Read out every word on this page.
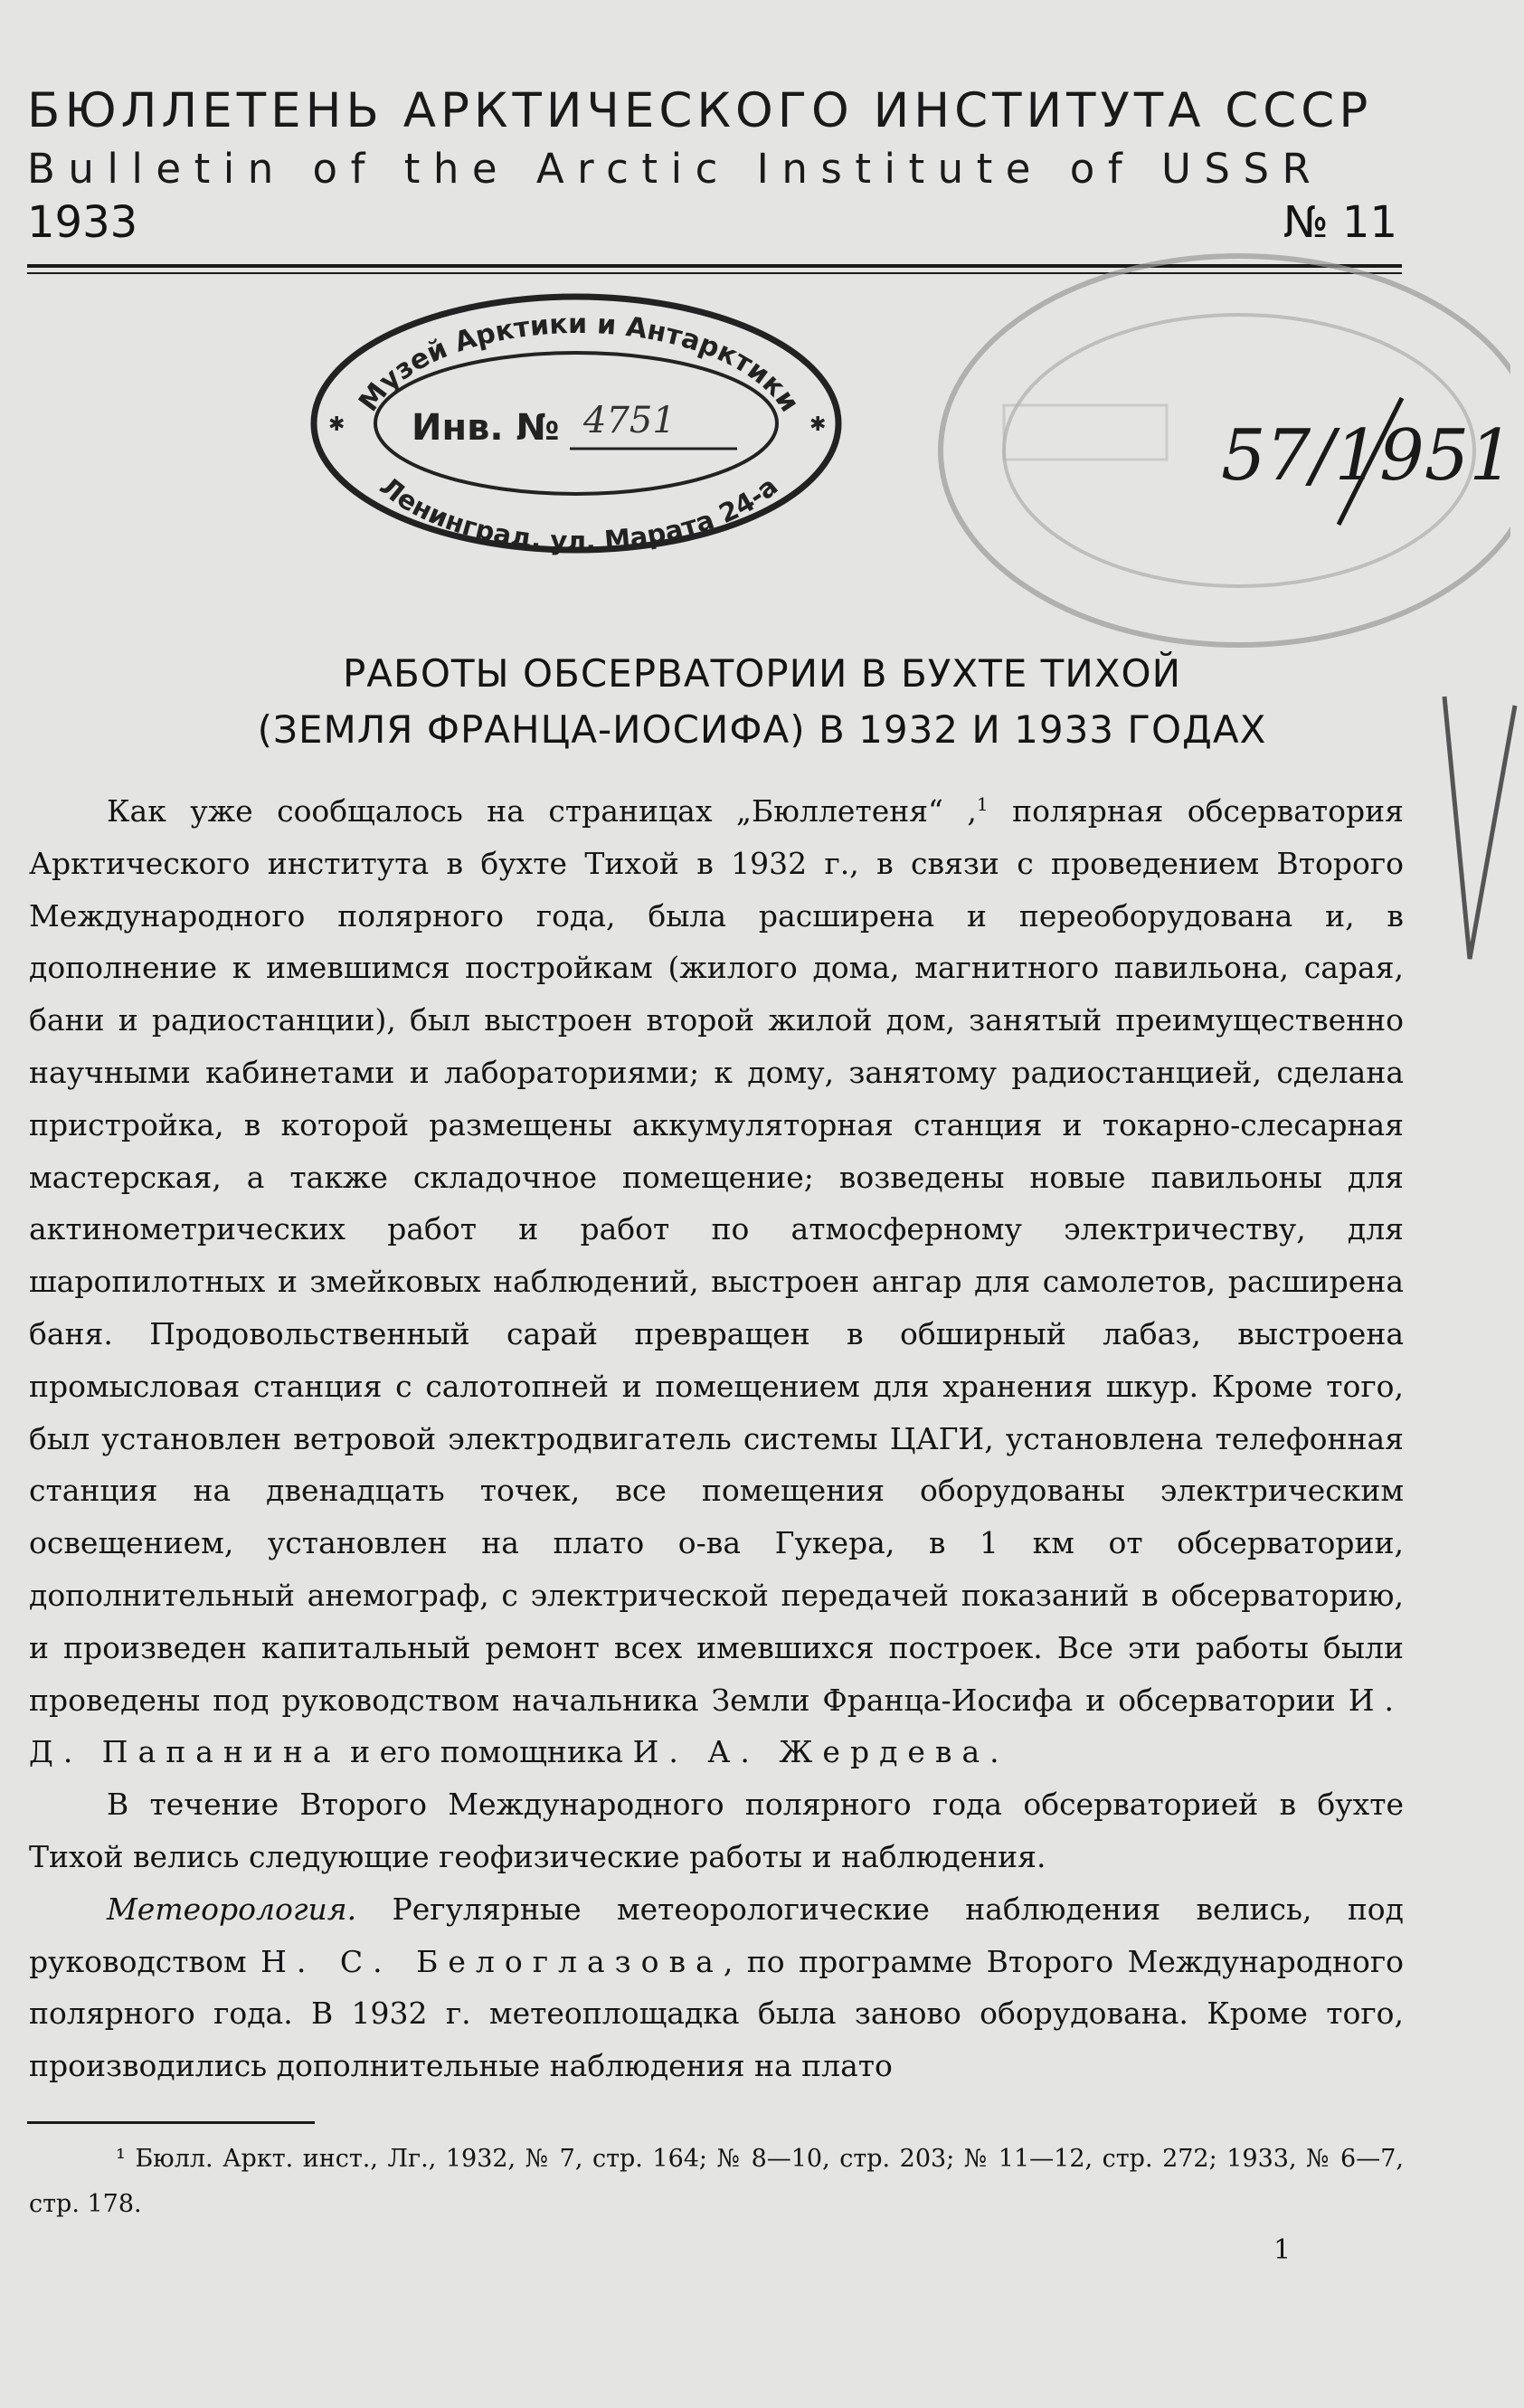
БЮЛЛЕТЕНЬ АРКТИЧЕСКОГО ИНСТИТУТА СССР
Bulletin of the Arctic Institute of USSR
1933	№ 11
Музей Арктики и Антарктики
Инв. № 4751
Ленинград, ул. Марата 24-а
✱	✱	57/1951
РАБОТЫ ОБСЕРВАТОРИИ В БУХТЕ ТИХОЙ
(ЗЕМЛЯ ФРАНЦА-ИОСИФА) В 1932 И 1933 ГОДАХ

Как уже сообщалось на страницах „Бюллетеня“ ,$^1$ полярная обсерватория Арктического института в бухте Тихой в 1932 г., в связи с проведением Второго Международного полярного года, была расширена и переоборудована и, в дополнение к имевшимся постройкам (жилого дома, магнитного павильона, сарая, бани и радиостанции), был выстроен второй жилой дом, занятый преимущественно научными кабинетами и лабораториями; к дому, занятому радиостанцией, сделана пристройка, в которой размещены аккумуляторная станция и токарно-слесарная мастерская, а также складочное помещение; возведены новые павильоны для актинометрических работ и работ по атмосферному электричеству, для шаропилотных и змейковых наблюдений, выстроен ангар для самолетов, расширена баня. Продовольственный сарай превращен в обширный лабаз, выстроена промысловая станция с салотопней и помещением для хранения шкур. Кроме того, был установлен ветровой электродвигатель системы ЦАГИ, установлена телефонная станция на двенадцать точек, все помещения оборудованы электрическим освещением, установлен на плато о-ва Гукера, в 1 км от обсерватории, дополнительный анемограф, с электрической передачей показаний в обсерваторию, и произведен капитальный ремонт всех имевшихся построек. Все эти работы были проведены под руководством начальника Земли Франца-Иосифа и обсерватории И. Д. Папанина и его помощника И. А. Жердева.

В течение Второго Международного полярного года обсерваторией в бухте Тихой велись следующие геофизические работы и наблюдения.

Метеорология. Регулярные метеорологические наблюдения велись, под руководством Н. С. Белоглазова, по программе Второго Международного полярного года. В 1932 г. метеоплощадка была заново оборудована. Кроме того, производились дополнительные наблюдения на плато

¹ Бюлл. Аркт. инст., Лг., 1932, № 7, стр. 164; № 8—10, стр. 203; № 11—12, стр. 272; 1933, № 6—7, стр. 178.
1
